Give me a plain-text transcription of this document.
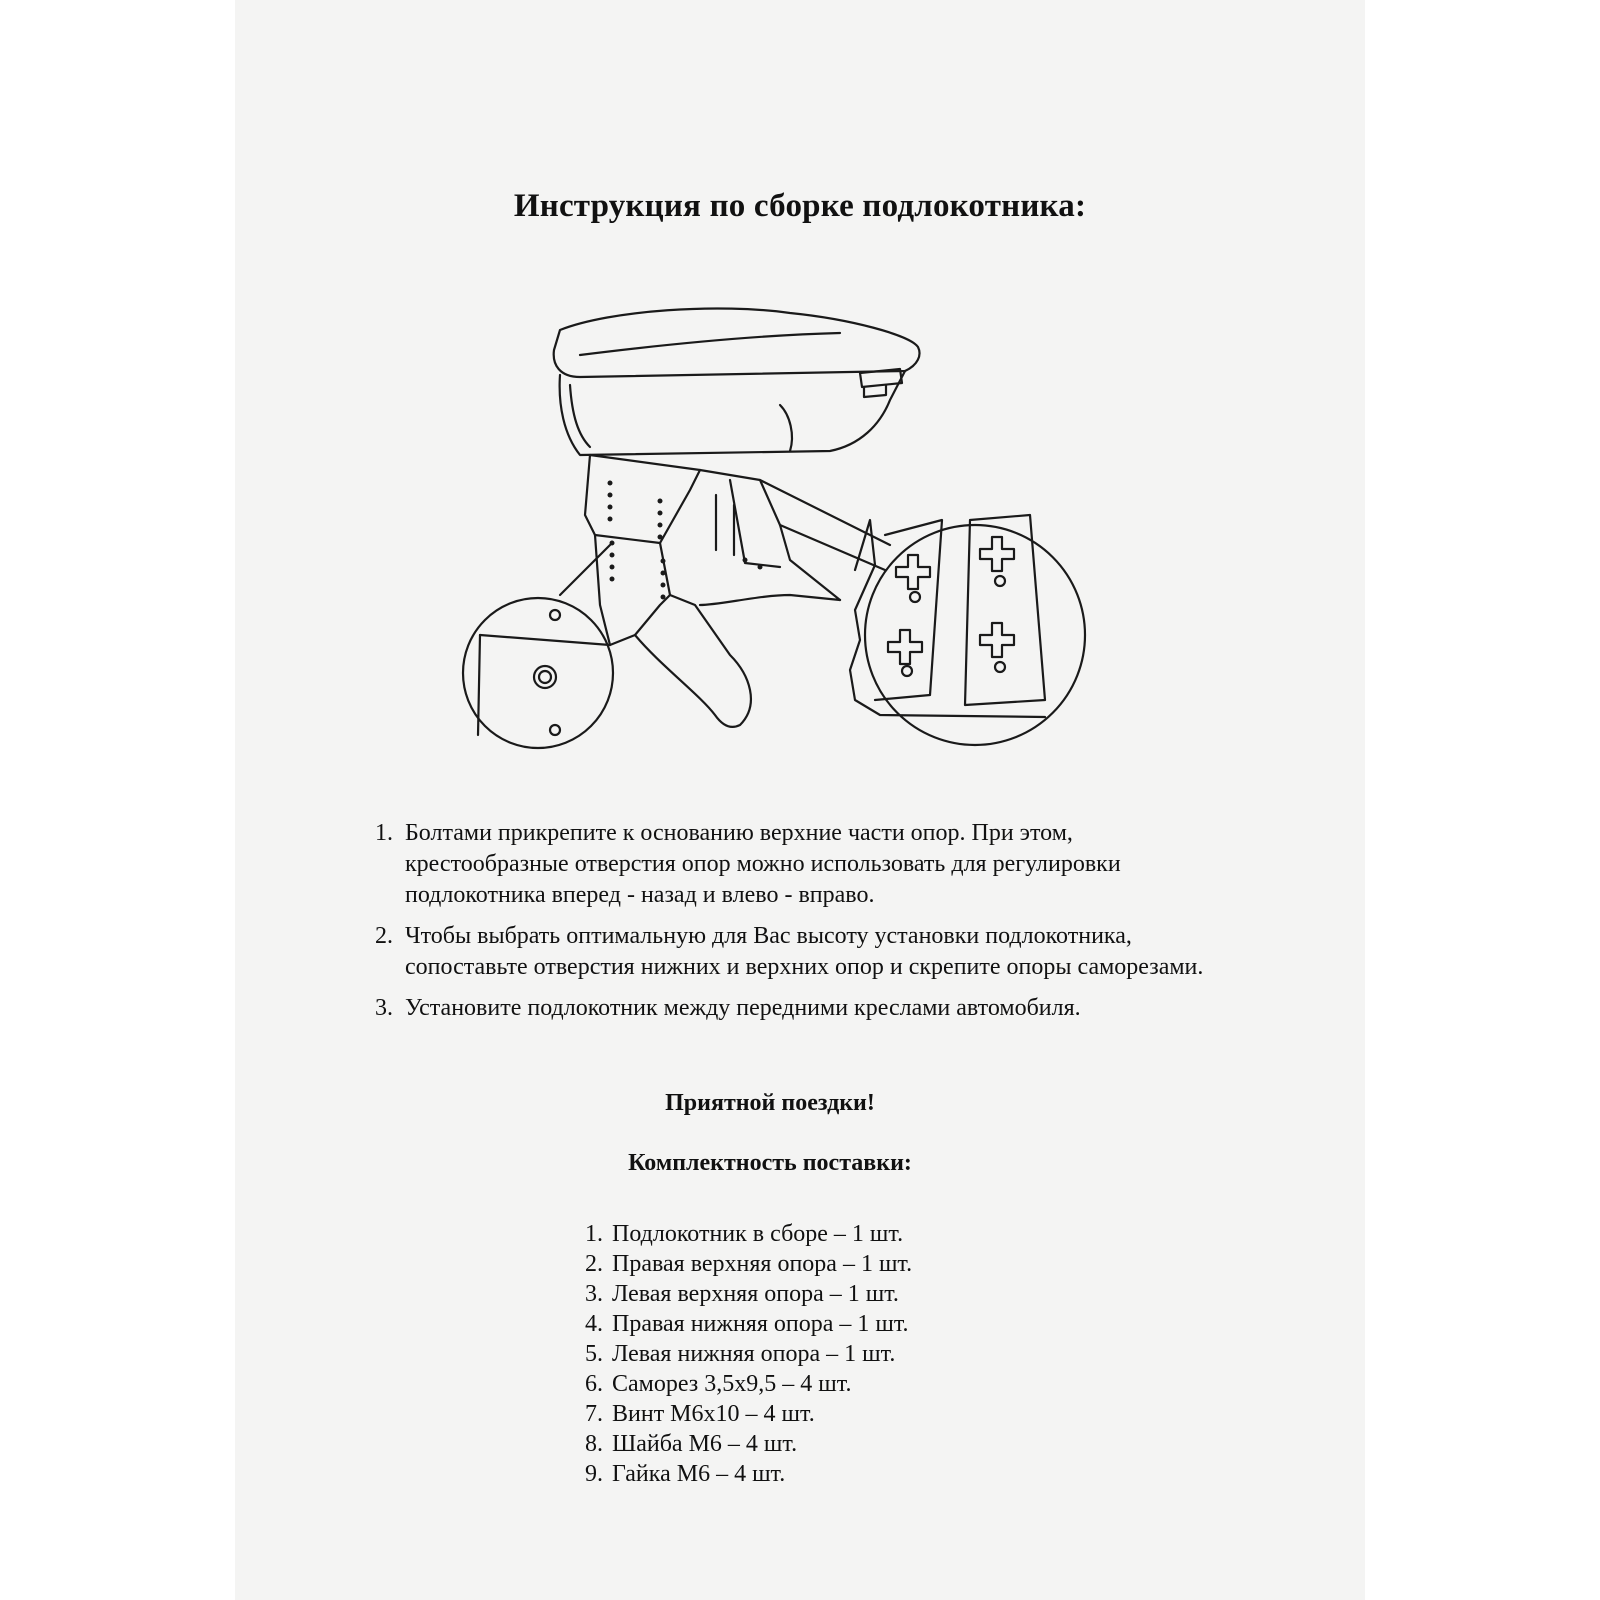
Инструкция по сборке подлокотника:
1. Болтами прикрепите к основанию верхние части опор. При этом, крестообразные отверстия опор можно использовать для регулировки подлокотника вперед - назад и влево - вправо.
2. Чтобы выбрать оптимальную для Вас высоту установки подлокотника, сопоставьте отверстия нижних и верхних опор и скрепите опоры саморезами.
3. Установите подлокотник между передними креслами автомобиля.
Приятной поездки!
Комплектность поставки:
1. Подлокотник в сборе – 1 шт.
2. Правая верхняя опора – 1 шт.
3. Левая верхняя опора – 1 шт.
4. Правая нижняя опора – 1 шт.
5. Левая нижняя опора – 1 шт.
6. Саморез 3,5х9,5 – 4 шт.
7. Винт М6х10 – 4 шт.
8. Шайба М6 – 4 шт.
9. Гайка М6 – 4 шт.
